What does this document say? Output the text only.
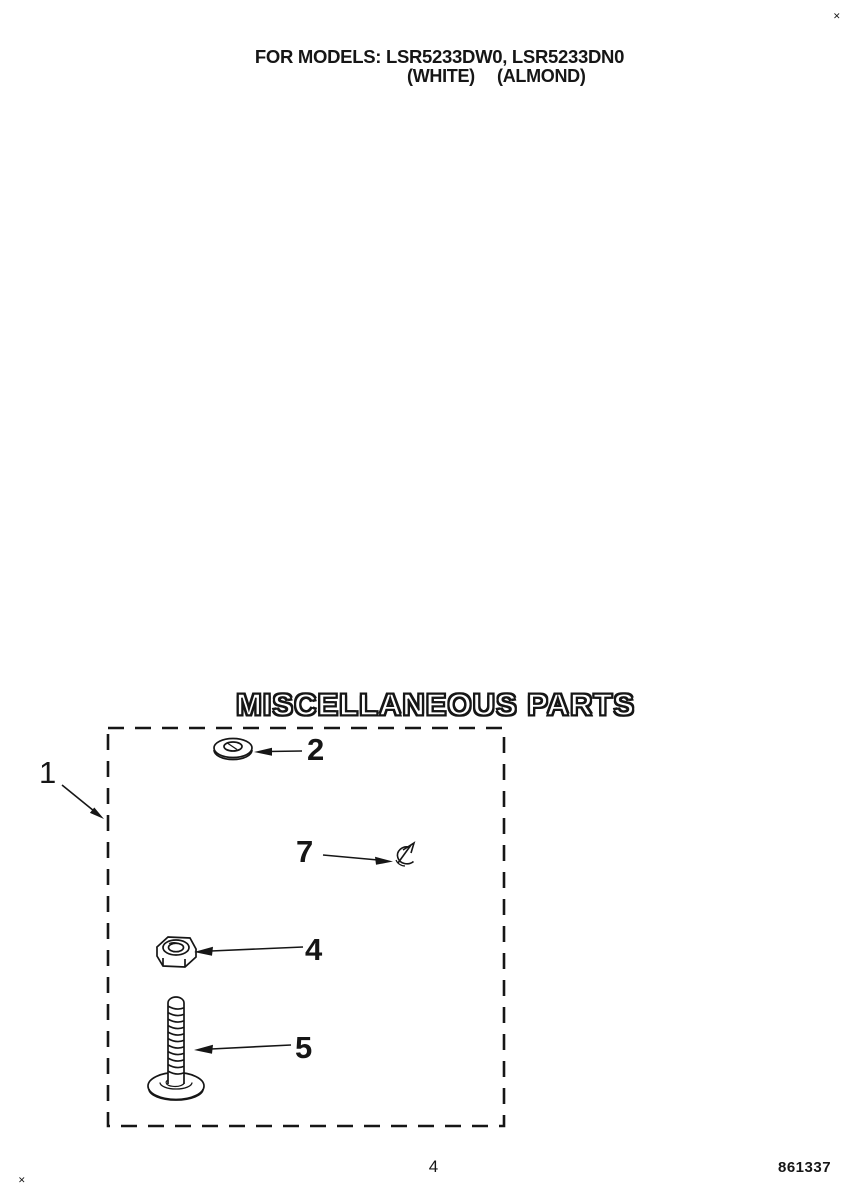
FOR MODELS: LSR5233DW0, LSR5233DN0
(WHITE) (ALMOND)
MISCELLANEOUS PARTS
1
2
7
4
5
4	861337
✕
✕
